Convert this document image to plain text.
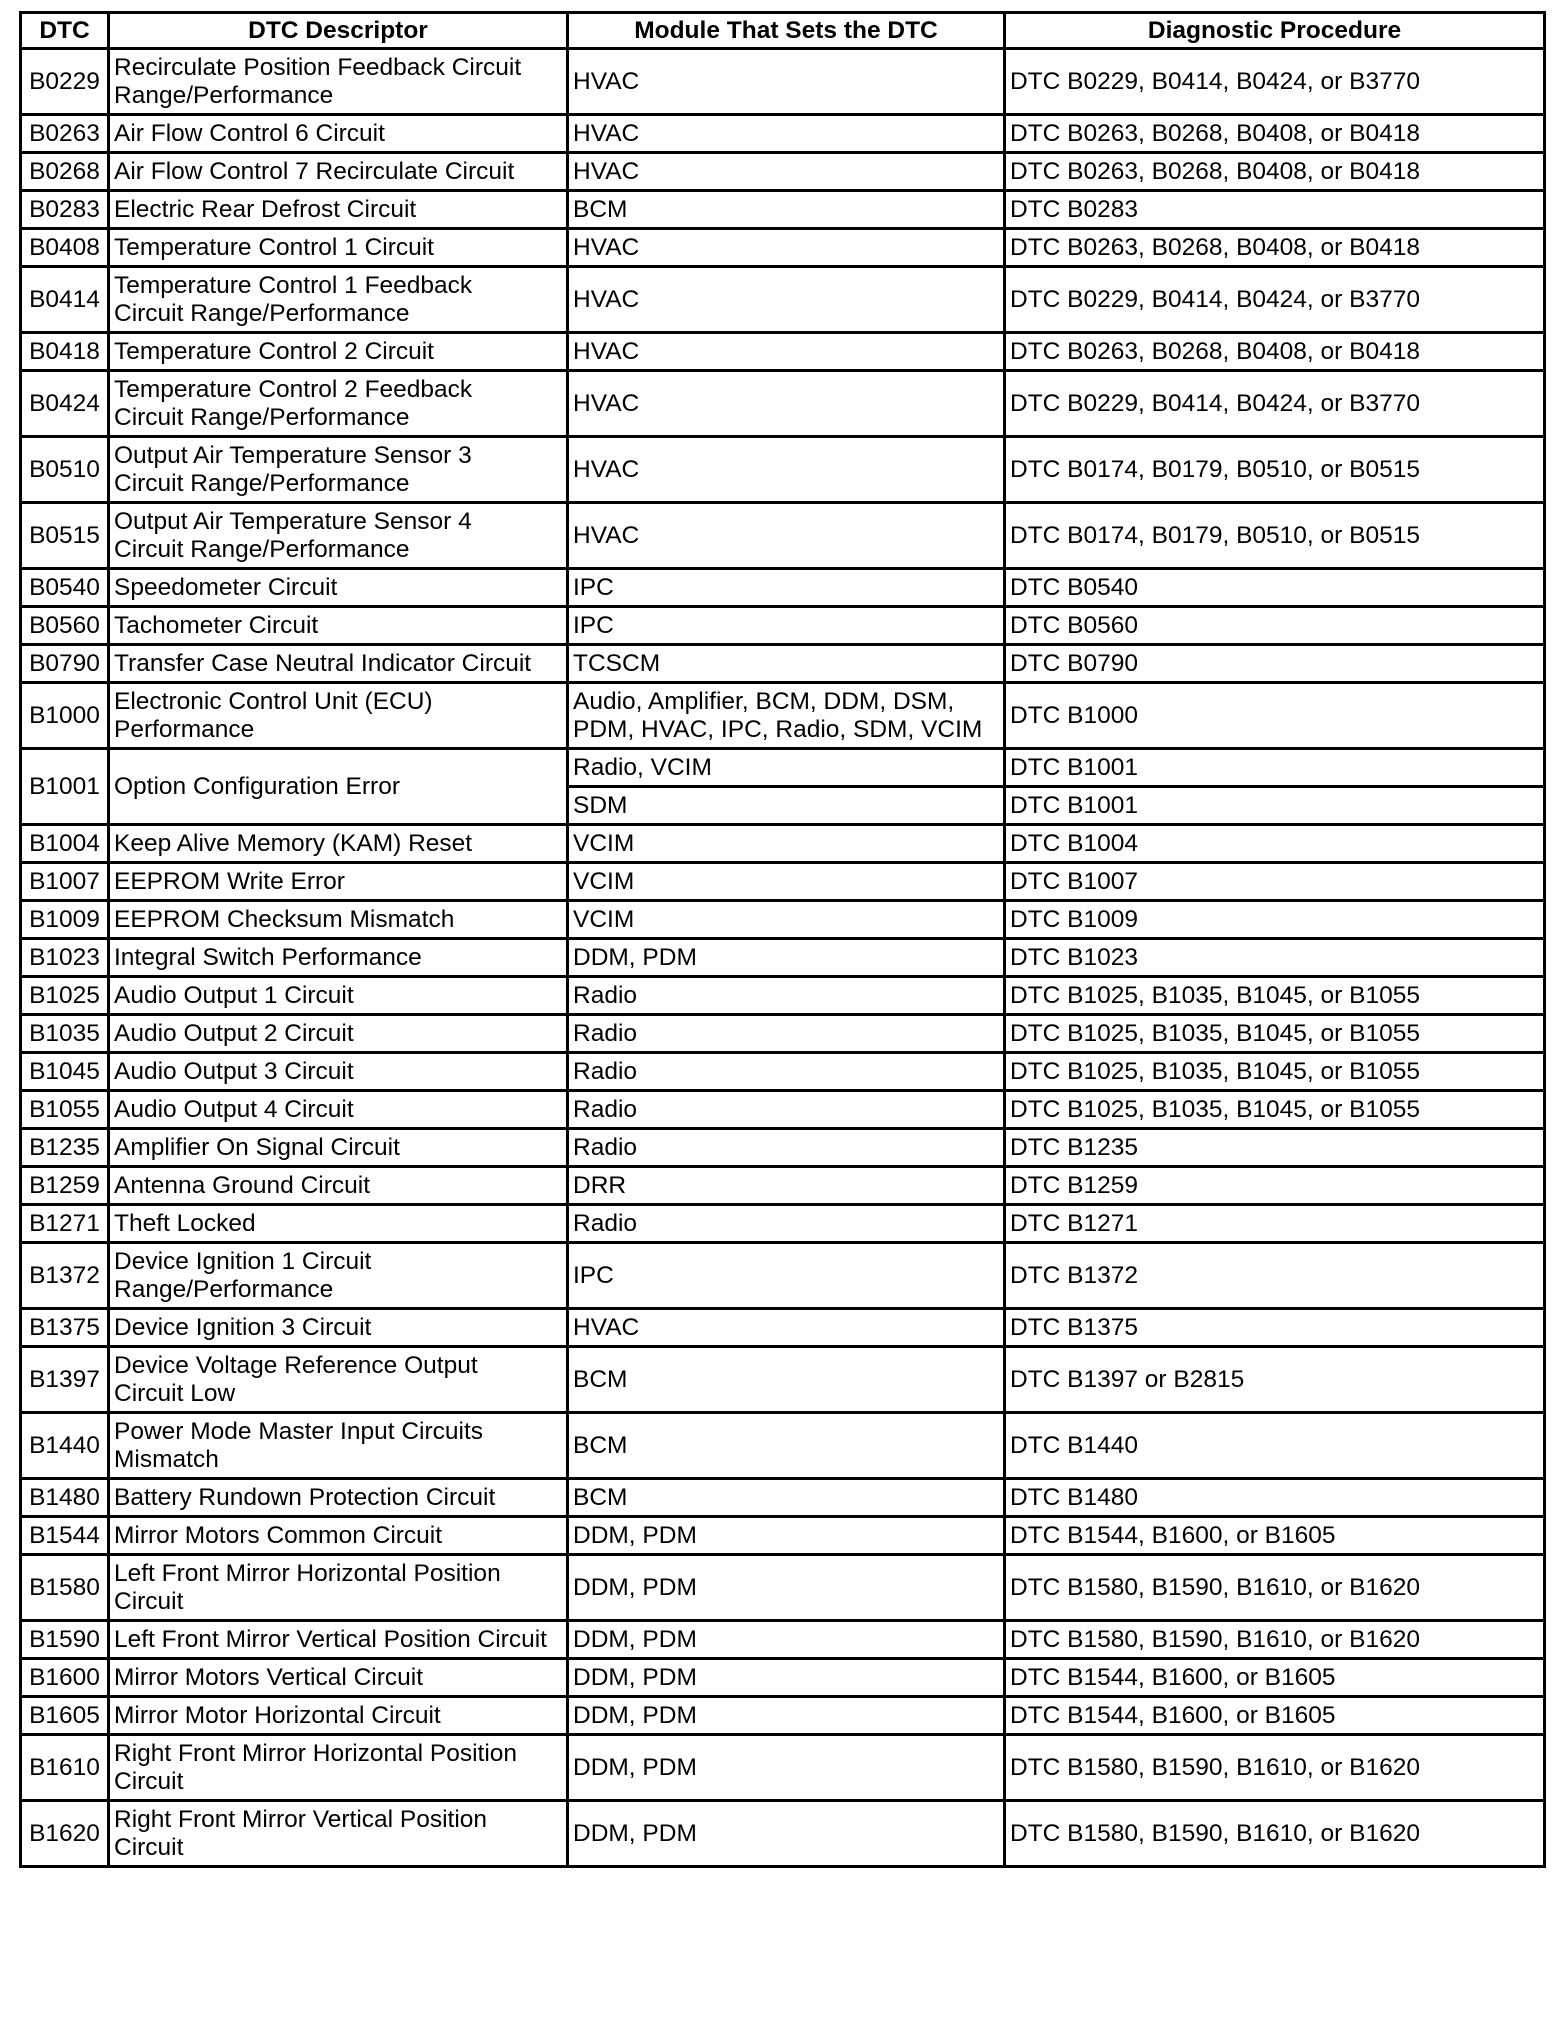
DTC	DTC Descriptor	Module That Sets the DTC	Diagnostic Procedure
B0229	Recirculate Position Feedback Circuit
Range/Performance	HVAC	DTC B0229, B0414, B0424, or B3770
B0263	Air Flow Control 6 Circuit	HVAC	DTC B0263, B0268, B0408, or B0418
B0268	Air Flow Control 7 Recirculate Circuit	HVAC	DTC B0263, B0268, B0408, or B0418
B0283	Electric Rear Defrost Circuit	BCM	DTC B0283
B0408	Temperature Control 1 Circuit	HVAC	DTC B0263, B0268, B0408, or B0418
B0414	Temperature Control 1 Feedback
Circuit Range/Performance	HVAC	DTC B0229, B0414, B0424, or B3770
B0418	Temperature Control 2 Circuit	HVAC	DTC B0263, B0268, B0408, or B0418
B0424	Temperature Control 2 Feedback
Circuit Range/Performance	HVAC	DTC B0229, B0414, B0424, or B3770
B0510	Output Air Temperature Sensor 3
Circuit Range/Performance	HVAC	DTC B0174, B0179, B0510, or B0515
B0515	Output Air Temperature Sensor 4
Circuit Range/Performance	HVAC	DTC B0174, B0179, B0510, or B0515
B0540	Speedometer Circuit	IPC	DTC B0540
B0560	Tachometer Circuit	IPC	DTC B0560
B0790	Transfer Case Neutral Indicator Circuit	TCSCM	DTC B0790
B1000	Electronic Control Unit (ECU)
Performance	Audio, Amplifier, BCM, DDM, DSM,
PDM, HVAC, IPC, Radio, SDM, VCIM	DTC B1000
B1001	Option Configuration Error	Radio, VCIM	DTC B1001
		SDM	DTC B1001
B1004	Keep Alive Memory (KAM) Reset	VCIM	DTC B1004
B1007	EEPROM Write Error	VCIM	DTC B1007
B1009	EEPROM Checksum Mismatch	VCIM	DTC B1009
B1023	Integral Switch Performance	DDM, PDM	DTC B1023
B1025	Audio Output 1 Circuit	Radio	DTC B1025, B1035, B1045, or B1055
B1035	Audio Output 2 Circuit	Radio	DTC B1025, B1035, B1045, or B1055
B1045	Audio Output 3 Circuit	Radio	DTC B1025, B1035, B1045, or B1055
B1055	Audio Output 4 Circuit	Radio	DTC B1025, B1035, B1045, or B1055
B1235	Amplifier On Signal Circuit	Radio	DTC B1235
B1259	Antenna Ground Circuit	DRR	DTC B1259
B1271	Theft Locked	Radio	DTC B1271
B1372	Device Ignition 1 Circuit
Range/Performance	IPC	DTC B1372
B1375	Device Ignition 3 Circuit	HVAC	DTC B1375
B1397	Device Voltage Reference Output
Circuit Low	BCM	DTC B1397 or B2815
B1440	Power Mode Master Input Circuits
Mismatch	BCM	DTC B1440
B1480	Battery Rundown Protection Circuit	BCM	DTC B1480
B1544	Mirror Motors Common Circuit	DDM, PDM	DTC B1544, B1600, or B1605
B1580	Left Front Mirror Horizontal Position
Circuit	DDM, PDM	DTC B1580, B1590, B1610, or B1620
B1590	Left Front Mirror Vertical Position Circuit	DDM, PDM	DTC B1580, B1590, B1610, or B1620
B1600	Mirror Motors Vertical Circuit	DDM, PDM	DTC B1544, B1600, or B1605
B1605	Mirror Motor Horizontal Circuit	DDM, PDM	DTC B1544, B1600, or B1605
B1610	Right Front Mirror Horizontal Position
Circuit	DDM, PDM	DTC B1580, B1590, B1610, or B1620
B1620	Right Front Mirror Vertical Position
Circuit	DDM, PDM	DTC B1580, B1590, B1610, or B1620
